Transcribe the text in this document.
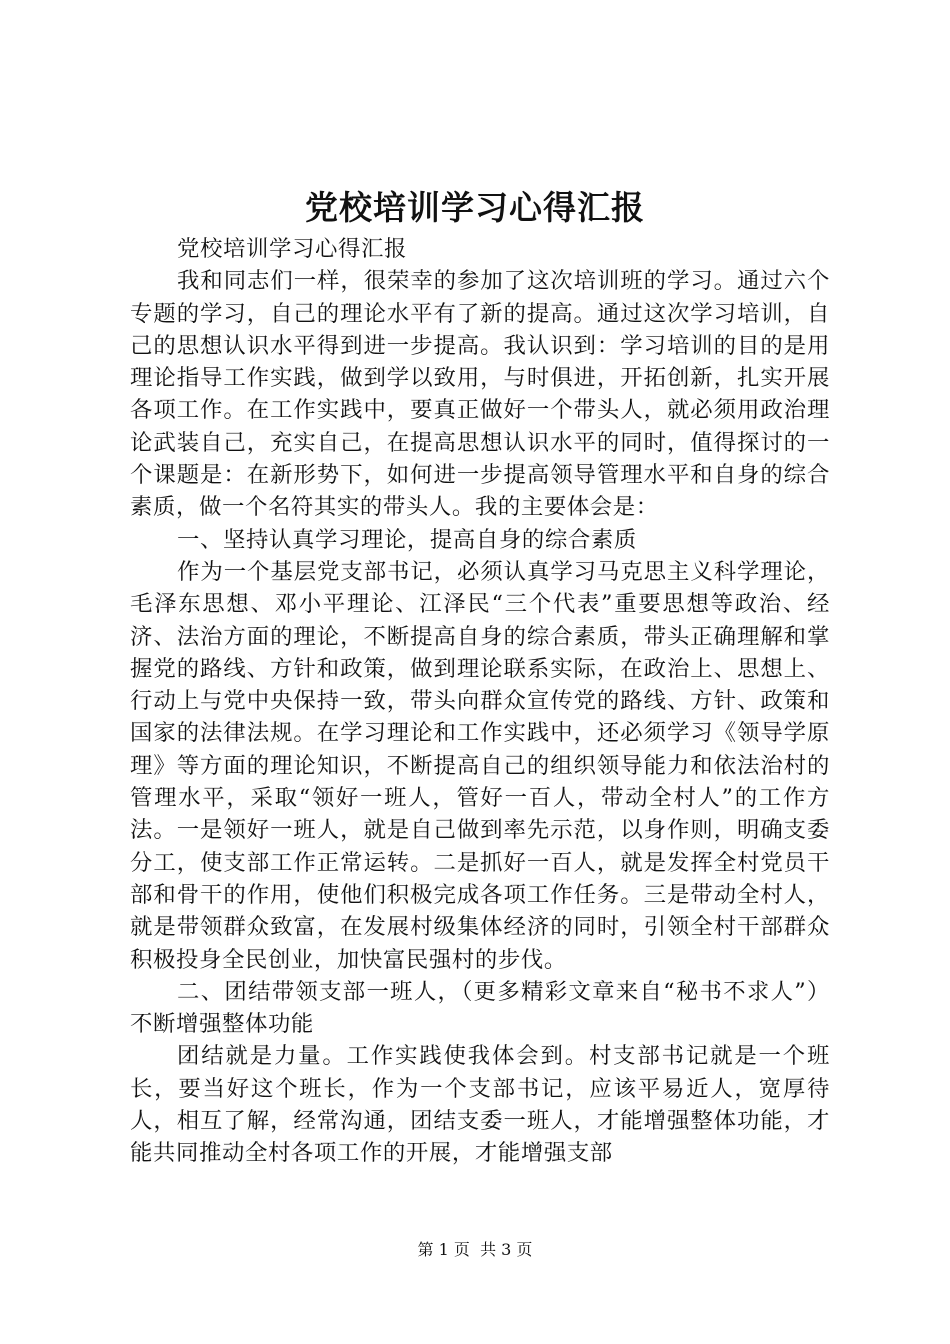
党校培训学习心得汇报

党校培训学习心得汇报

我和同志们一样，很荣幸的参加了这次培训班的学习。通过六个专题的学习，自己的理论水平有了新的提高。通过这次学习培训，自己的思想认识水平得到进一步提高。我认识到：学习培训的目的是用理论指导工作实践，做到学以致用，与时俱进，开拓创新，扎实开展各项工作。在工作实践中，要真正做好一个带头人，就必须用政治理论武装自己，充实自己，在提高思想认识水平的同时，值得探讨的一个课题是：在新形势下，如何进一步提高领导管理水平和自身的综合素质，做一个名符其实的带头人。我的主要体会是：

一、坚持认真学习理论，提高自身的综合素质

作为一个基层党支部书记，必须认真学习马克思主义科学理论，毛泽东思想、邓小平理论、江泽民“三个代表”重要思想等政治、经济、法治方面的理论，不断提高自身的综合素质，带头正确理解和掌握党的路线、方针和政策，做到理论联系实际，在政治上、思想上、行动上与党中央保持一致，带头向群众宣传党的路线、方针、政策和国家的法律法规。在学习理论和工作实践中，还必须学习《领导学原理》等方面的理论知识，不断提高自己的组织领导能力和依法治村的管理水平，采取“领好一班人，管好一百人，带动全村人”的工作方法。一是领好一班人，就是自己做到率先示范，以身作则，明确支委分工，使支部工作正常运转。二是抓好一百人，就是发挥全村党员干部和骨干的作用，使他们积极完成各项工作任务。三是带动全村人，就是带领群众致富，在发展村级集体经济的同时，引领全村干部群众积极投身全民创业，加快富民强村的步伐。

二、团结带领支部一班人，（更多精彩文章来自“秘书不求人”）不断增强整体功能

团结就是力量。工作实践使我体会到。村支部书记就是一个班长，要当好这个班长，作为一个支部书记，应该平易近人，宽厚待人，相互了解，经常沟通，团结支委一班人，才能增强整体功能，才能共同推动全村各项工作的开展，才能增强支部

第 1 页  共 3 页
